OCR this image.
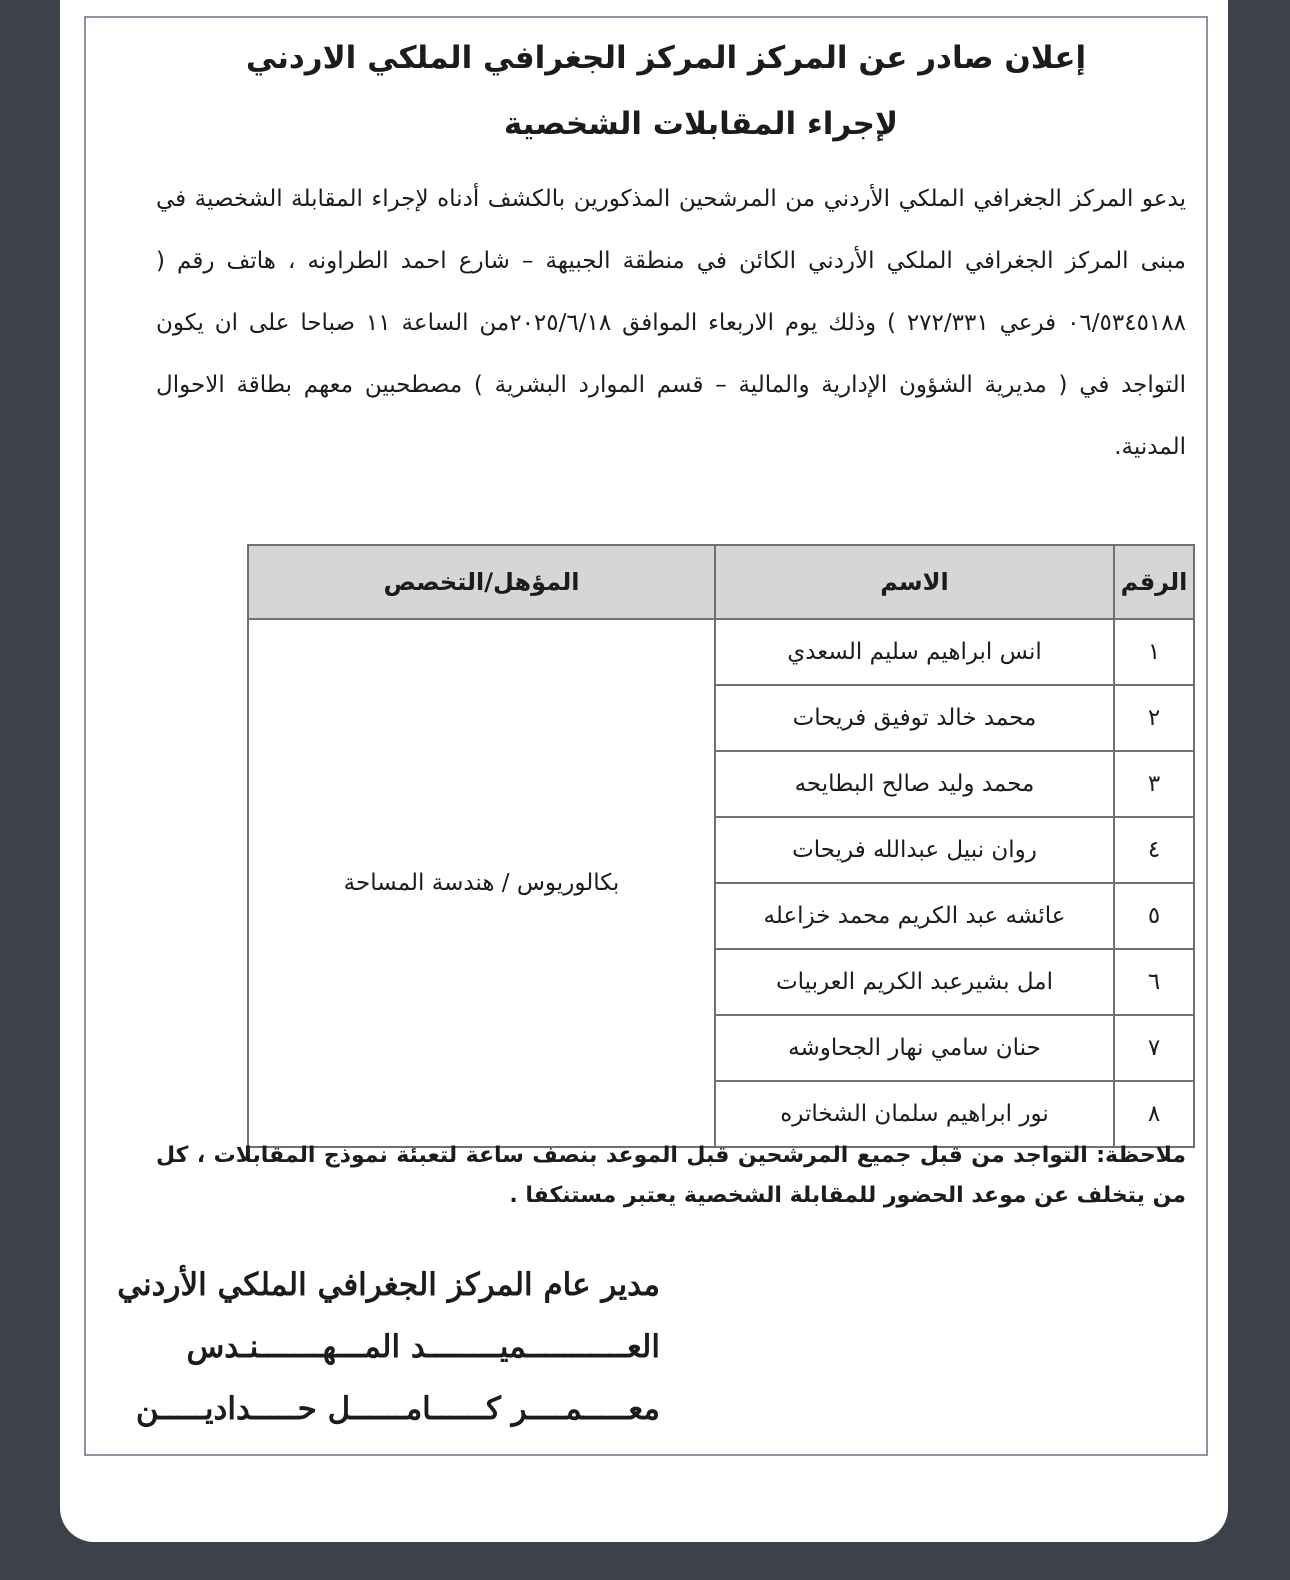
إعلان صادر عن المركز المركز الجغرافي الملكي الاردني
لإجراء المقابلات الشخصية
يدعو المركز الجغرافي الملكي الأردني من المرشحين المذكورين بالكشف أدناه لإجراء المقابلة الشخصية في مبنى المركز الجغرافي الملكي الأردني الكائن في منطقة الجبيهة – شارع احمد الطراونه ، هاتف رقم ( ٠٦/٥٣٤٥١٨٨ فرعي ٢٧٢/٣٣١ ) وذلك يوم الاربعاء الموافق ٢٠٢٥/٦/١٨من الساعة ١١ صباحا على ان يكون التواجد في ( مديرية الشؤون الإدارية والمالية – قسم الموارد البشرية ) مصطحبين معهم بطاقة الاحوال المدنية.
الرقم	الاسم	المؤهل/التخصص
١	انس ابراهيم سليم السعدي	بكالوريوس / هندسة المساحة
٢	محمد خالد توفيق فريحات	
٣	محمد وليد صالح البطايحه	
٤	روان نبيل عبدالله فريحات	
٥	عائشه عبد الكريم محمد خزاعله	
٦	امل بشيرعبد الكريم العربيات	
٧	حنان سامي نهار الجحاوشه	
٨	نور ابراهيم سلمان الشخاتره	
ملاحظة: التواجد من قبل جميع المرشحين قبل الموعد بنصف ساعة لتعبئة نموذج المقابلات ، كل من يتخلف عن موعد الحضور للمقابلة الشخصية يعتبر مستنكفا .
مدير عام المركز الجغرافي الملكي الأردني
العـــــــــــميــــــــد المـــهـــــــنـدس
معـــــمــــر كــــــامــــــل حـــــداديـــــن
